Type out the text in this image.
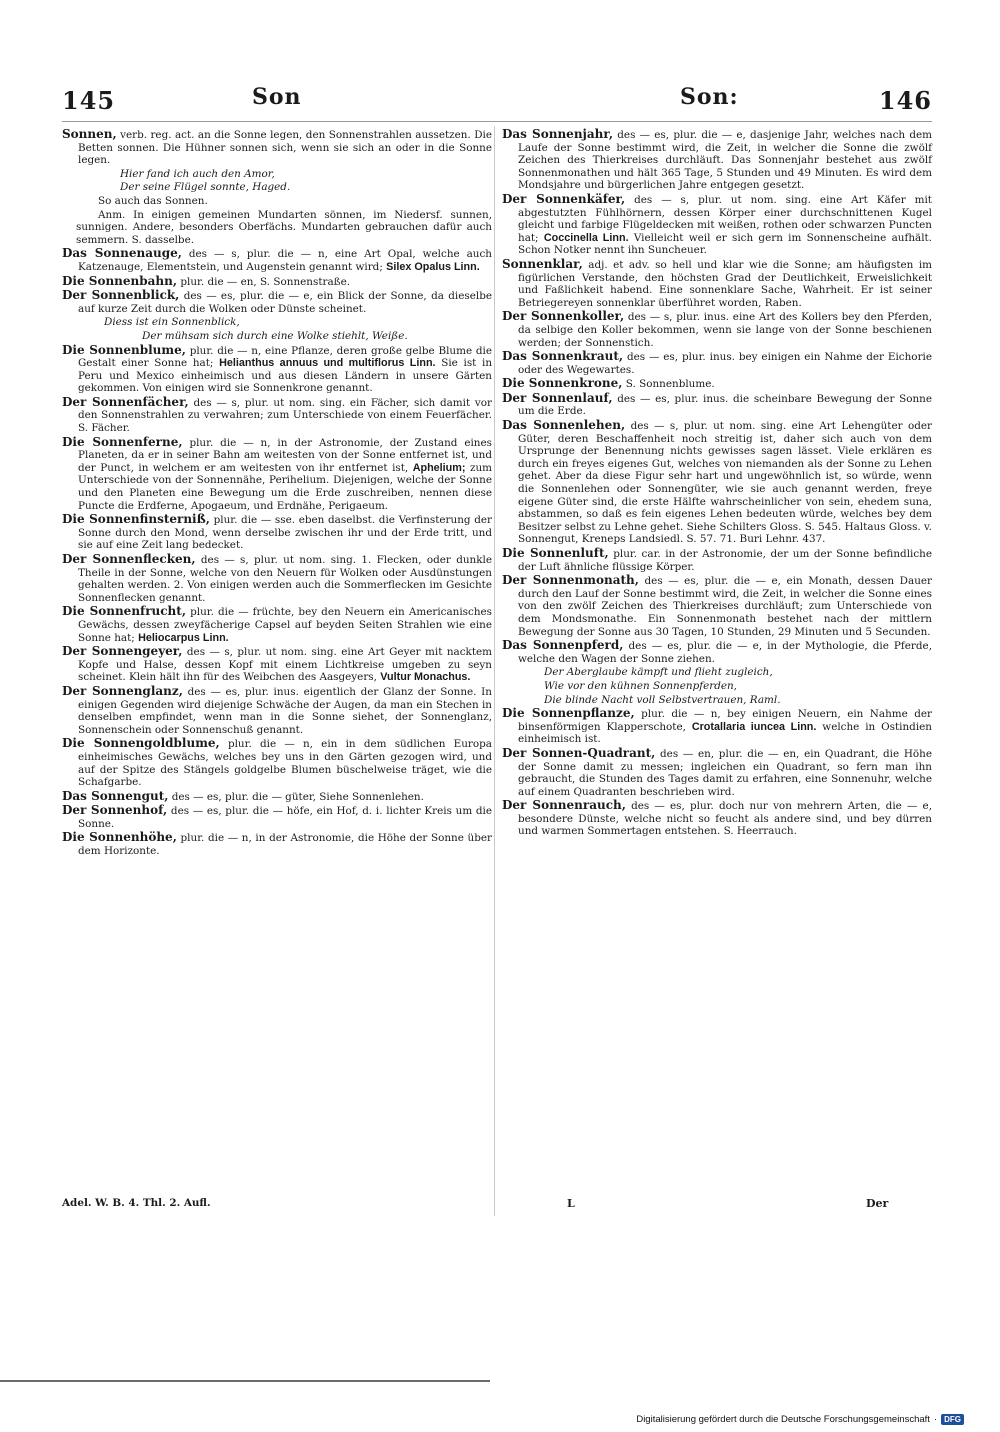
145	Son	Son:	146
Sonnen, verb. reg. act. an die Sonne legen, den Sonnenstrahlen aussetzen. Die Betten sonnen. Die Hühner sonnen sich, wenn sie sich an oder in die Sonne legen.
Hier fand ich auch den Amor,
Der seine Flügel sonnte, Haged.
So auch das Sonnen.
Anm. In einigen gemeinen Mundarten sönnen, im Niedersf. sunnen, sunnigen. Andere, besonders Oberfächs. Mundarten gebrauchen dafür auch semmern. S. dasselbe.
Das Sonnenauge, des — s, plur. die — n, eine Art Opal, welche auch Katzenauge, Elementstein, und Augenstein genannt wird; Silex Opalus Linn.
Die Sonnenbahn, plur. die — en, S. Sonnenstraße.
Der Sonnenblick, des — es, plur. die — e, ein Blick der Sonne, da dieselbe auf kurze Zeit durch die Wolken oder Dünste scheinet.
Diess ist ein Sonnenblick,
Der mühsam sich durch eine Wolke stiehlt, Weiße.
Die Sonnenblume, plur. die — n, eine Pflanze, deren große gelbe Blume die Gestalt einer Sonne hat; Helianthus annuus und multiflorus Linn. Sie ist in Peru und Mexico einheimisch und aus diesen Ländern in unsere Gärten gekommen. Von einigen wird sie Sonnenkrone genannt.
Der Sonnenfächer, des — s, plur. ut nom. sing. ein Fächer, sich damit vor den Sonnenstrahlen zu verwahren; zum Unterschiede von einem Feuerfächer. S. Fächer.
Die Sonnenferne, plur. die — n, in der Astronomie, der Zustand eines Planeten, da er in seiner Bahn am weitesten von der Sonne entfernet ist, und der Punct, in welchem er am weitesten von ihr entfernet ist, Aphelium; zum Unterschiede von der Sonnennähe, Perihelium. Diejenigen, welche der Sonne und den Planeten eine Bewegung um die Erde zuschreiben, nennen diese Puncte die Erdferne, Apogaeum, und Erdnähe, Perigaeum.
Die Sonnenfinsterniß, plur. die — sse. eben daselbst. die Verfinsterung der Sonne durch den Mond, wenn derselbe zwischen ihr und der Erde tritt, und sie auf eine Zeit lang bedecket.
Der Sonnenflecken, des — s, plur. ut nom. sing. 1. Flecken, oder dunkle Theile in der Sonne, welche von den Neuern für Wolken oder Ausdünstungen gehalten werden. 2. Von einigen werden auch die Sommerflecken im Gesichte Sonnenflecken genannt.
Die Sonnenfrucht, plur. die — früchte, bey den Neuern ein Americanisches Gewächs, dessen zweyfächerige Capsel auf beyden Seiten Strahlen wie eine Sonne hat; Heliocarpus Linn.
Der Sonnengeyer, des — s, plur. ut nom. sing. eine Art Geyer mit nacktem Kopfe und Halse, dessen Kopf mit einem Lichtkreise umgeben zu seyn scheinet. Klein hält ihn für des Weibchen des Aasgeyers, Vultur Monachus.
Der Sonnenglanz, des — es, plur. inus. eigentlich der Glanz der Sonne. In einigen Gegenden wird diejenige Schwäche der Augen, da man ein Stechen in denselben empfindet, wenn man in die Sonne siehet, der Sonnenglanz, Sonnenschein oder Sonnenschuß genannt.
Die Sonnengoldblume, plur. die — n, ein in dem südlichen Europa einheimisches Gewächs, welches bey uns in den Gärten gezogen wird, und auf der Spitze des Stängels goldgelbe Blumen büschelweise träget, wie die Schafgarbe.
Das Sonnengut, des — es, plur. die — güter, Siehe Sonnenlehen.
Der Sonnenhof, des — es, plur. die — höfe, ein Hof, d. i. lichter Kreis um die Sonne.
Die Sonnenhöhe, plur. die — n, in der Astronomie, die Höhe der Sonne über dem Horizonte.
Das Sonnenjahr, des — es, plur. die — e, dasjenige Jahr, welches nach dem Laufe der Sonne bestimmt wird, die Zeit, in welcher die Sonne die zwölf Zeichen des Thierkreises durchläuft. Das Sonnenjahr bestehet aus zwölf Sonnenmonathen und hält 365 Tage, 5 Stunden und 49 Minuten. Es wird dem Mondsjahre und bürgerlichen Jahre entgegen gesetzt.
Der Sonnenkäfer, des — s, plur. ut nom. sing. eine Art Käfer mit abgestutzten Fühlhörnern, dessen Körper einer durchschnittenen Kugel gleicht und farbige Flügeldecken mit weißen, rothen oder schwarzen Puncten hat; Coccinella Linn. Vielleicht weil er sich gern im Sonnenscheine aufhält. Schon Notker nennt ihn Suncheuer.
Sonnenklar, adj. et adv. so hell und klar wie die Sonne; am häufigsten im figürlichen Verstande, den höchsten Grad der Deutlichkeit, Erweislichkeit und Faßlichkeit habend. Eine sonnenklare Sache, Wahrheit. Er ist seiner Betriegereyen sonnenklar überführet worden, Raben.
Der Sonnenkoller, des — s, plur. inus. eine Art des Kollers bey den Pferden, da selbige den Koller bekommen, wenn sie lange von der Sonne beschienen werden; der Sonnenstich.
Das Sonnenkraut, des — es, plur. inus. bey einigen ein Nahme der Eichorie oder des Wegewartes.
Die Sonnenkrone, S. Sonnenblume.
Der Sonnenlauf, des — es, plur. inus. die scheinbare Bewegung der Sonne um die Erde.
Das Sonnenlehen, des — s, plur. ut nom. sing. eine Art Lehengüter oder Güter, deren Beschaffenheit noch streitig ist, daher sich auch von dem Ursprunge der Benennung nichts gewisses sagen lässet. Viele erklären es durch ein freyes eigenes Gut, welches von niemanden als der Sonne zu Lehen gehet. Aber da diese Figur sehr hart und ungewöhnlich ist, so würde, wenn die Sonnenlehen oder Sonnengüter, wie sie auch genannt werden, freye eigene Güter sind, die erste Hälfte wahrscheinlicher von sein, ehedem suna, abstammen, so daß es fein eigenes Lehen bedeuten würde, welches bey dem Besitzer selbst zu Lehne gehet. Siehe Schilters Gloss. S. 545. Haltaus Gloss. v. Sonnengut, Kreneps Landsiedl. S. 57. 71. Buri Lehnr. 437.
Die Sonnenluft, plur. car. in der Astronomie, der um der Sonne befindliche der Luft ähnliche flüssige Körper.
Der Sonnenmonath, des — es, plur. die — e, ein Monath, dessen Dauer durch den Lauf der Sonne bestimmt wird, die Zeit, in welcher die Sonne eines von den zwölf Zeichen des Thierkreises durchläuft; zum Unterschiede von dem Mondsmonathe. Ein Sonnenmonath bestehet nach der mittlern Bewegung der Sonne aus 30 Tagen, 10 Stunden, 29 Minuten und 5 Secunden.
Das Sonnenpferd, des — es, plur. die — e, in der Mythologie, die Pferde, welche den Wagen der Sonne ziehen.
Der Aberglaube kämpft und flieht zugleich,
Wie vor den kühnen Sonnenpferden,
Die blinde Nacht voll Selbstvertrauen, Raml.
Die Sonnenpflanze, plur. die — n, bey einigen Neuern, ein Nahme der binsenförmigen Klapperschote, Crotallaria iuncea Linn. welche in Ostindien einheimisch ist.
Der Sonnen-Quadrant, des — en, plur. die — en, ein Quadrant, die Höhe der Sonne damit zu messen; ingleichen ein Quadrant, so fern man ihn gebraucht, die Stunden des Tages damit zu erfahren, eine Sonnenuhr, welche auf einem Quadranten beschrieben wird.
Der Sonnenrauch, des — es, plur. doch nur von mehrern Arten, die — e, besondere Dünste, welche nicht so feucht als andere sind, und bey dürren und warmen Sommertagen entstehen. S. Heerrauch.
Adel. W. B. 4. Thl. 2. Aufl.	L	Der
Digitalisierung gefördert durch die Deutsche Forschungsgemeinschaft · DFG
